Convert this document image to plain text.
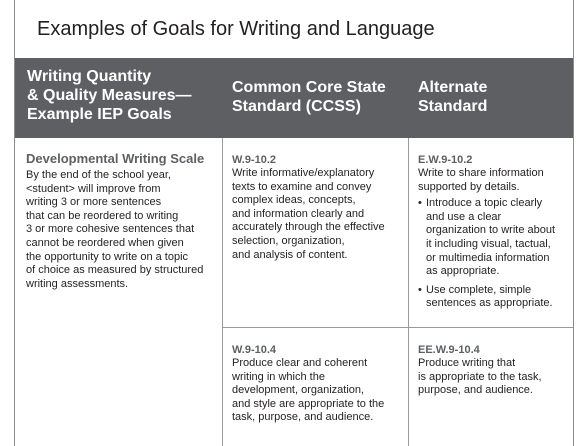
Examples of Goals for Writing and Language
Writing Quantity
& Quality Measures—
Example IEP Goals
Common Core State
Standard (CCSS)
Alternate
Standard
Developmental Writing Scale
By the end of the school year,
<student> will improve from
writing 3 or more sentences
that can be reordered to writing
3 or more cohesive sentences that
cannot be reordered when given
the opportunity to write on a topic
of choice as measured by structured
writing assessments.
W.9-10.2
Write informative/explanatory
texts to examine and convey
complex ideas, concepts,
and information clearly and
accurately through the effective
selection, organization,
and analysis of content.
E.W.9-10.2
Write to share information
supported by details.
• Introduce a topic clearly
and use a clear
organization to write about
it including visual, tactual,
or multimedia information
as appropriate.
• Use complete, simple
sentences as appropriate.
W.9-10.4
Produce clear and coherent
writing in which the
development, organization,
and style are appropriate to the
task, purpose, and audience.
EE.W.9-10.4
Produce writing that
is appropriate to the task,
purpose, and audience.
